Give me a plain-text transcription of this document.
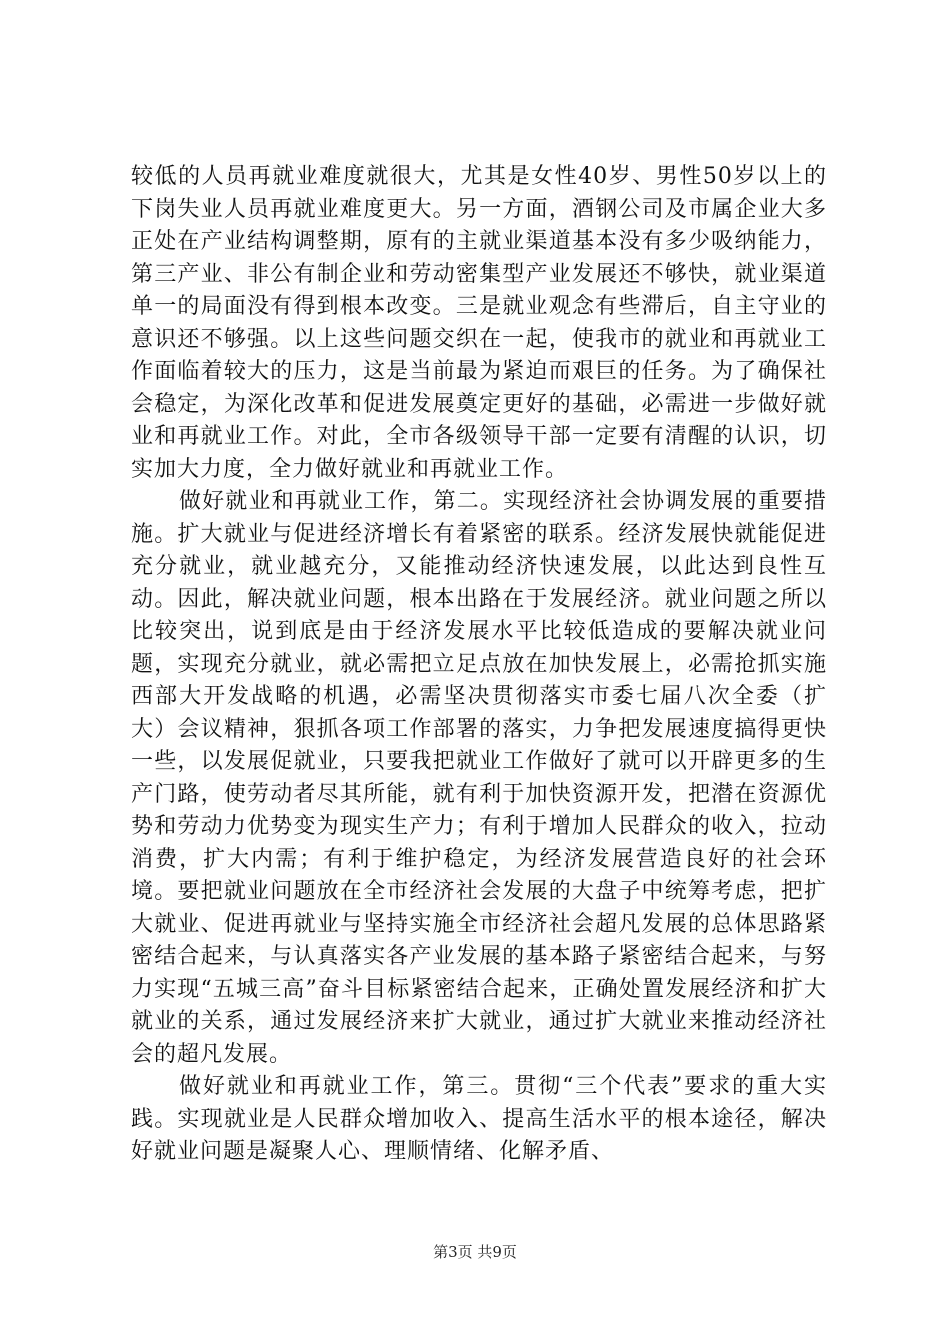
较低的人员再就业难度就很大，尤其是女性40岁、男性50岁以上的下岗失业人员再就业难度更大。另一方面，酒钢公司及市属企业大多正处在产业结构调整期，原有的主就业渠道基本没有多少吸纳能力，第三产业、非公有制企业和劳动密集型产业发展还不够快，就业渠道单一的局面没有得到根本改变。三是就业观念有些滞后，自主守业的意识还不够强。以上这些问题交织在一起，使我市的就业和再就业工作面临着较大的压力，这是当前最为紧迫而艰巨的任务。为了确保社会稳定，为深化改革和促进发展奠定更好的基础，必需进一步做好就业和再就业工作。对此，全市各级领导干部一定要有清醒的认识，切实加大力度，全力做好就业和再就业工作。

做好就业和再就业工作，第二。实现经济社会协调发展的重要措施。扩大就业与促进经济增长有着紧密的联系。经济发展快就能促进充分就业，就业越充分，又能推动经济快速发展，以此达到良性互动。因此，解决就业问题，根本出路在于发展经济。就业问题之所以比较突出，说到底是由于经济发展水平比较低造成的要解决就业问题，实现充分就业，就必需把立足点放在加快发展上，必需抢抓实施西部大开发战略的机遇，必需坚决贯彻落实市委七届八次全委（扩大）会议精神，狠抓各项工作部署的落实，力争把发展速度搞得更快一些，以发展促就业，只要我把就业工作做好了就可以开辟更多的生产门路，使劳动者尽其所能，就有利于加快资源开发，把潜在资源优势和劳动力优势变为现实生产力；有利于增加人民群众的收入，拉动消费，扩大内需；有利于维护稳定，为经济发展营造良好的社会环境。要把就业问题放在全市经济社会发展的大盘子中统筹考虑，把扩大就业、促进再就业与坚持实施全市经济社会超凡发展的总体思路紧密结合起来，与认真落实各产业发展的基本路子紧密结合起来，与努力实现“五城三高”奋斗目标紧密结合起来，正确处置发展经济和扩大就业的关系，通过发展经济来扩大就业，通过扩大就业来推动经济社会的超凡发展。

做好就业和再就业工作，第三。贯彻“三个代表”要求的重大实践。实现就业是人民群众增加收入、提高生活水平的根本途径，解决好就业问题是凝聚人心、理顺情绪、化解矛盾、

第3页 共9页
